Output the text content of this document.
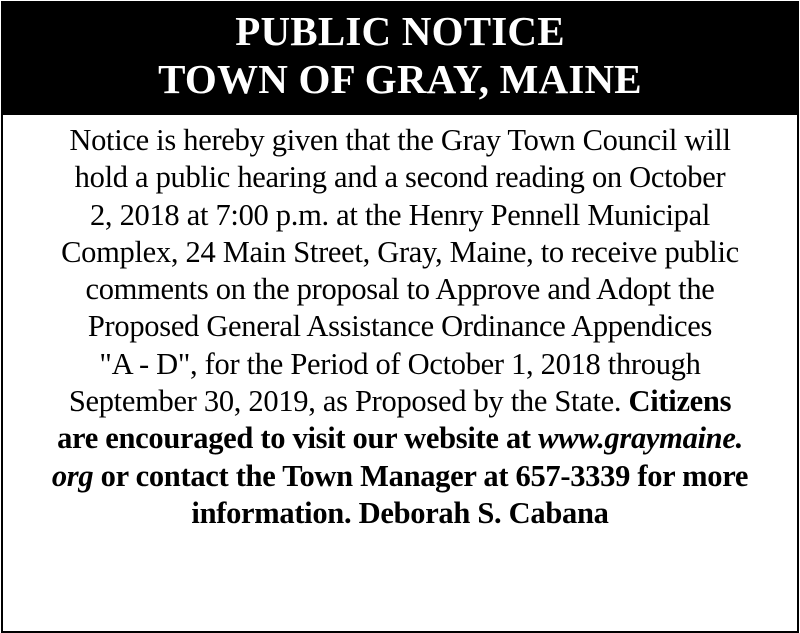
PUBLIC NOTICE
TOWN OF GRAY, MAINE
Notice is hereby given that the Gray Town Council will
hold a public hearing and a second reading on October
2, 2018 at 7:00 p.m. at the Henry Pennell Municipal
Complex, 24 Main Street, Gray, Maine, to receive public
comments on the proposal to Approve and Adopt the
Proposed General Assistance Ordinance Appendices
"A - D", for the Period of October 1, 2018 through
September 30, 2019, as Proposed by the State. Citizens
are encouraged to visit our website at www.graymaine.
org or contact the Town Manager at 657-3339 for more
information. Deborah S. Cabana
